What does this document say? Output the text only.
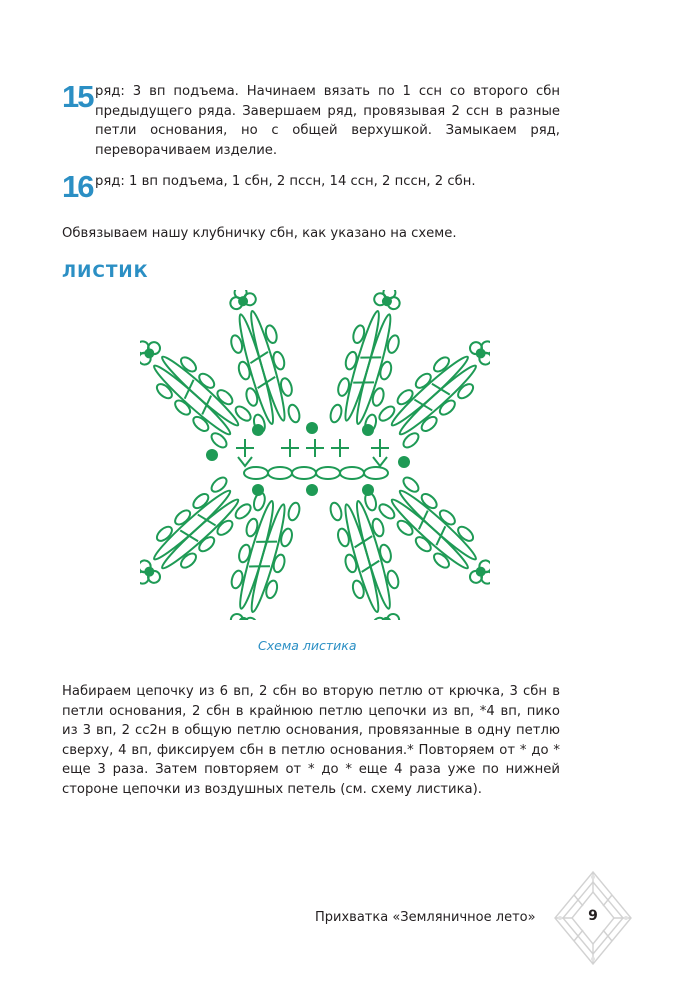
15 ряд: 3 вп подъема. Начинаем вязать по 1 ссн со второго сбн предыдущего ряда. Завершаем ряд, провязывая 2 ссн в разные петли основания, но с общей верхушкой. Замыкаем ряд, переворачиваем изделие.
16 ряд: 1 вп подъема, 1 сбн, 2 пссн, 14 ссн, 2 пссн, 2 сбн.
Обвязываем нашу клубничку сбн, как указано на схеме.
ЛИСТИК
Схема листика
Набираем цепочку из 6 вп, 2 сбн во вторую петлю от крючка, 3 сбн в петли основания, 2 сбн в крайнюю петлю цепочки из вп, *4 вп, пико из 3 вп, 2 сс2н в общую петлю основания, провязанные в одну петлю сверху, 4 вп, фиксируем сбн в петлю основания.* Повторяем от * до * еще 3 раза. Затем повторяем от * до * еще 4 раза уже по нижней стороне цепочки из воздушных петель (см. схему листика).
Прихватка «Земляничное лето»	9
